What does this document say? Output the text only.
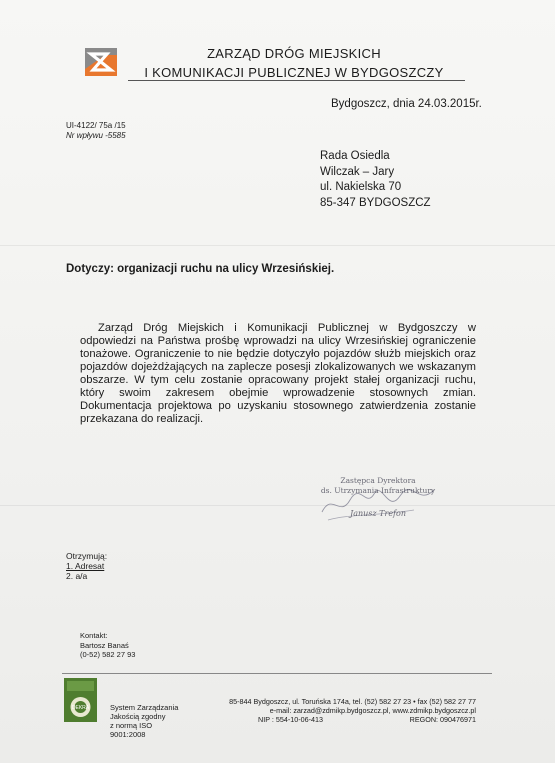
ZARZĄD DRÓG MIEJSKICH
I KOMUNIKACJI PUBLICZNEJ W BYDGOSZCZY
Bydgoszcz, dnia 24.03.2015r.
UI-4122/ 75a /15
Nr wpływu -5585
Rada Osiedla
Wilczak – Jary
ul. Nakielska 70
85-347 BYDGOSZCZ
Dotyczy: organizacji ruchu na ulicy Wrzesińskiej.

Zarząd Dróg Miejskich i Komunikacji Publicznej w Bydgoszczy w odpowiedzi na Państwa prośbę wprowadzi na ulicy Wrzesińskiej ograniczenie tonażowe. Ograniczenie to nie będzie dotyczyło pojazdów służb miejskich oraz pojazdów dojeżdżających na zaplecze posesji zlokalizowanych we wskazanym obszarze. W tym celu zostanie opracowany projekt stałej organizacji ruchu, który swoim zakresem obejmie wprowadzenie stosownych zmian. Dokumentacja projektowa po uzyskaniu stosownego zatwierdzenia zostanie przekazana do realizacji.

Zastępca Dyrektora
ds. Utrzymania Infrastruktury
Janusz Trefon
Otrzymują:
1. Adresat
2. a/a
Kontakt:
Bartosz Banaś
(0-52) 582 27 93
DEKRA	System Zarządzania
Jakością zgodny
z normą ISO
9001:2008
85-844 Bydgoszcz, ul. Toruńska 174a, tel. (52) 582 27 23 • fax (52) 582 27 77
e-mail: zarzad@zdmikp.bydgoszcz.pl, www.zdmikp.bydgoszcz.pl
NIP : 554-10-06-413	REGON: 090476971
